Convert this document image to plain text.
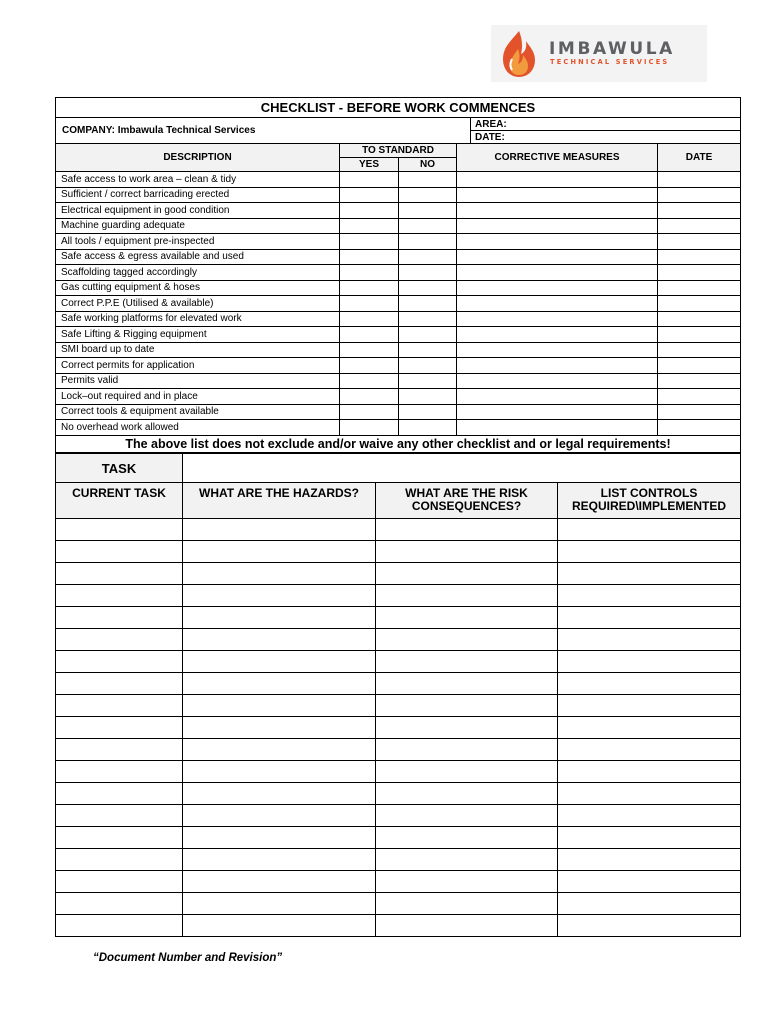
IMBAWULA
TECHNICAL SERVICES
CHECKLIST - BEFORE WORK COMMENCES					
COMPANY: Imbawula Technical Services				AREA:	
				DATE:	
DESCRIPTION	TO STANDARD		CORRECTIVE MEASURES		DATE
	YES	NO			
Safe access to work area – clean & tidy					
Sufficient / correct barricading erected					
Electrical equipment in good condition					
Machine guarding adequate					
All tools / equipment pre-inspected					
Safe access & egress available and used					
Scaffolding tagged accordingly					
Gas cutting equipment & hoses					
Correct P.P.E (Utilised & available)					
Safe working platforms for elevated work					
Safe Lifting & Rigging equipment					
SMI board up to date					
Correct permits for application					
Permits valid					
Lock–out required and in place					
Correct tools & equipment available					
No overhead work allowed					
The above list does not exclude and/or waive any other checklist and or legal requirements!					
TASK			
CURRENT TASK	WHAT ARE THE HAZARDS?	WHAT ARE THE RISK CONSEQUENCES?	LIST CONTROLS REQUIRED\IMPLEMENTED

“Document Number and Revision”
